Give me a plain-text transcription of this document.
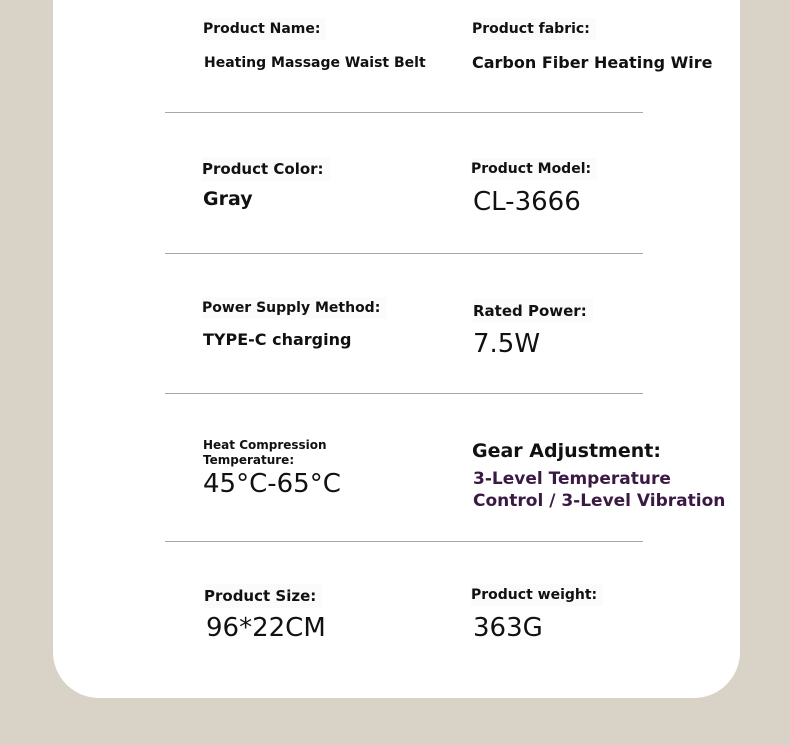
Product Name:
Heating Massage Waist Belt
Product fabric:
Carbon Fiber Heating Wire
Product Color:
Gray
Product Model:
CL-3666
Power Supply Method:
TYPE-C charging
Rated Power:
7.5W
Heat Compression Temperature:
45°C-65°C
Gear Adjustment:
3-Level Temperature Control / 3-Level Vibration
Product Size:
96*22CM
Product weight:
363G
